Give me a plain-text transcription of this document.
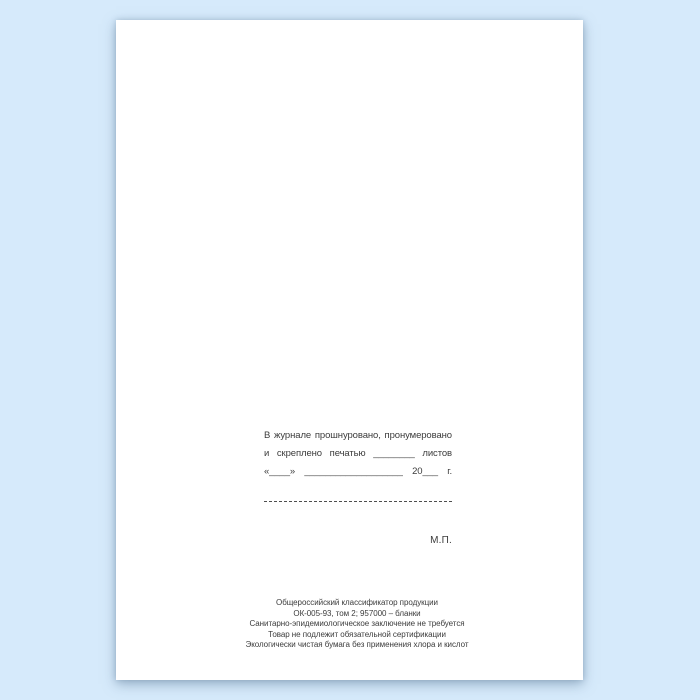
В журнале прошнуровано, пронумеровано
и скреплено печатью ________ листов
«____» ___________________ 20___ г.
М.П.
Общероссийский классификатор продукции
ОК-005-93, том 2; 957000 – бланки
Санитарно-эпидемиологическое заключение не требуется
Товар не подлежит обязательной сертификации
Экологически чистая бумага без применения хлора и кислот
